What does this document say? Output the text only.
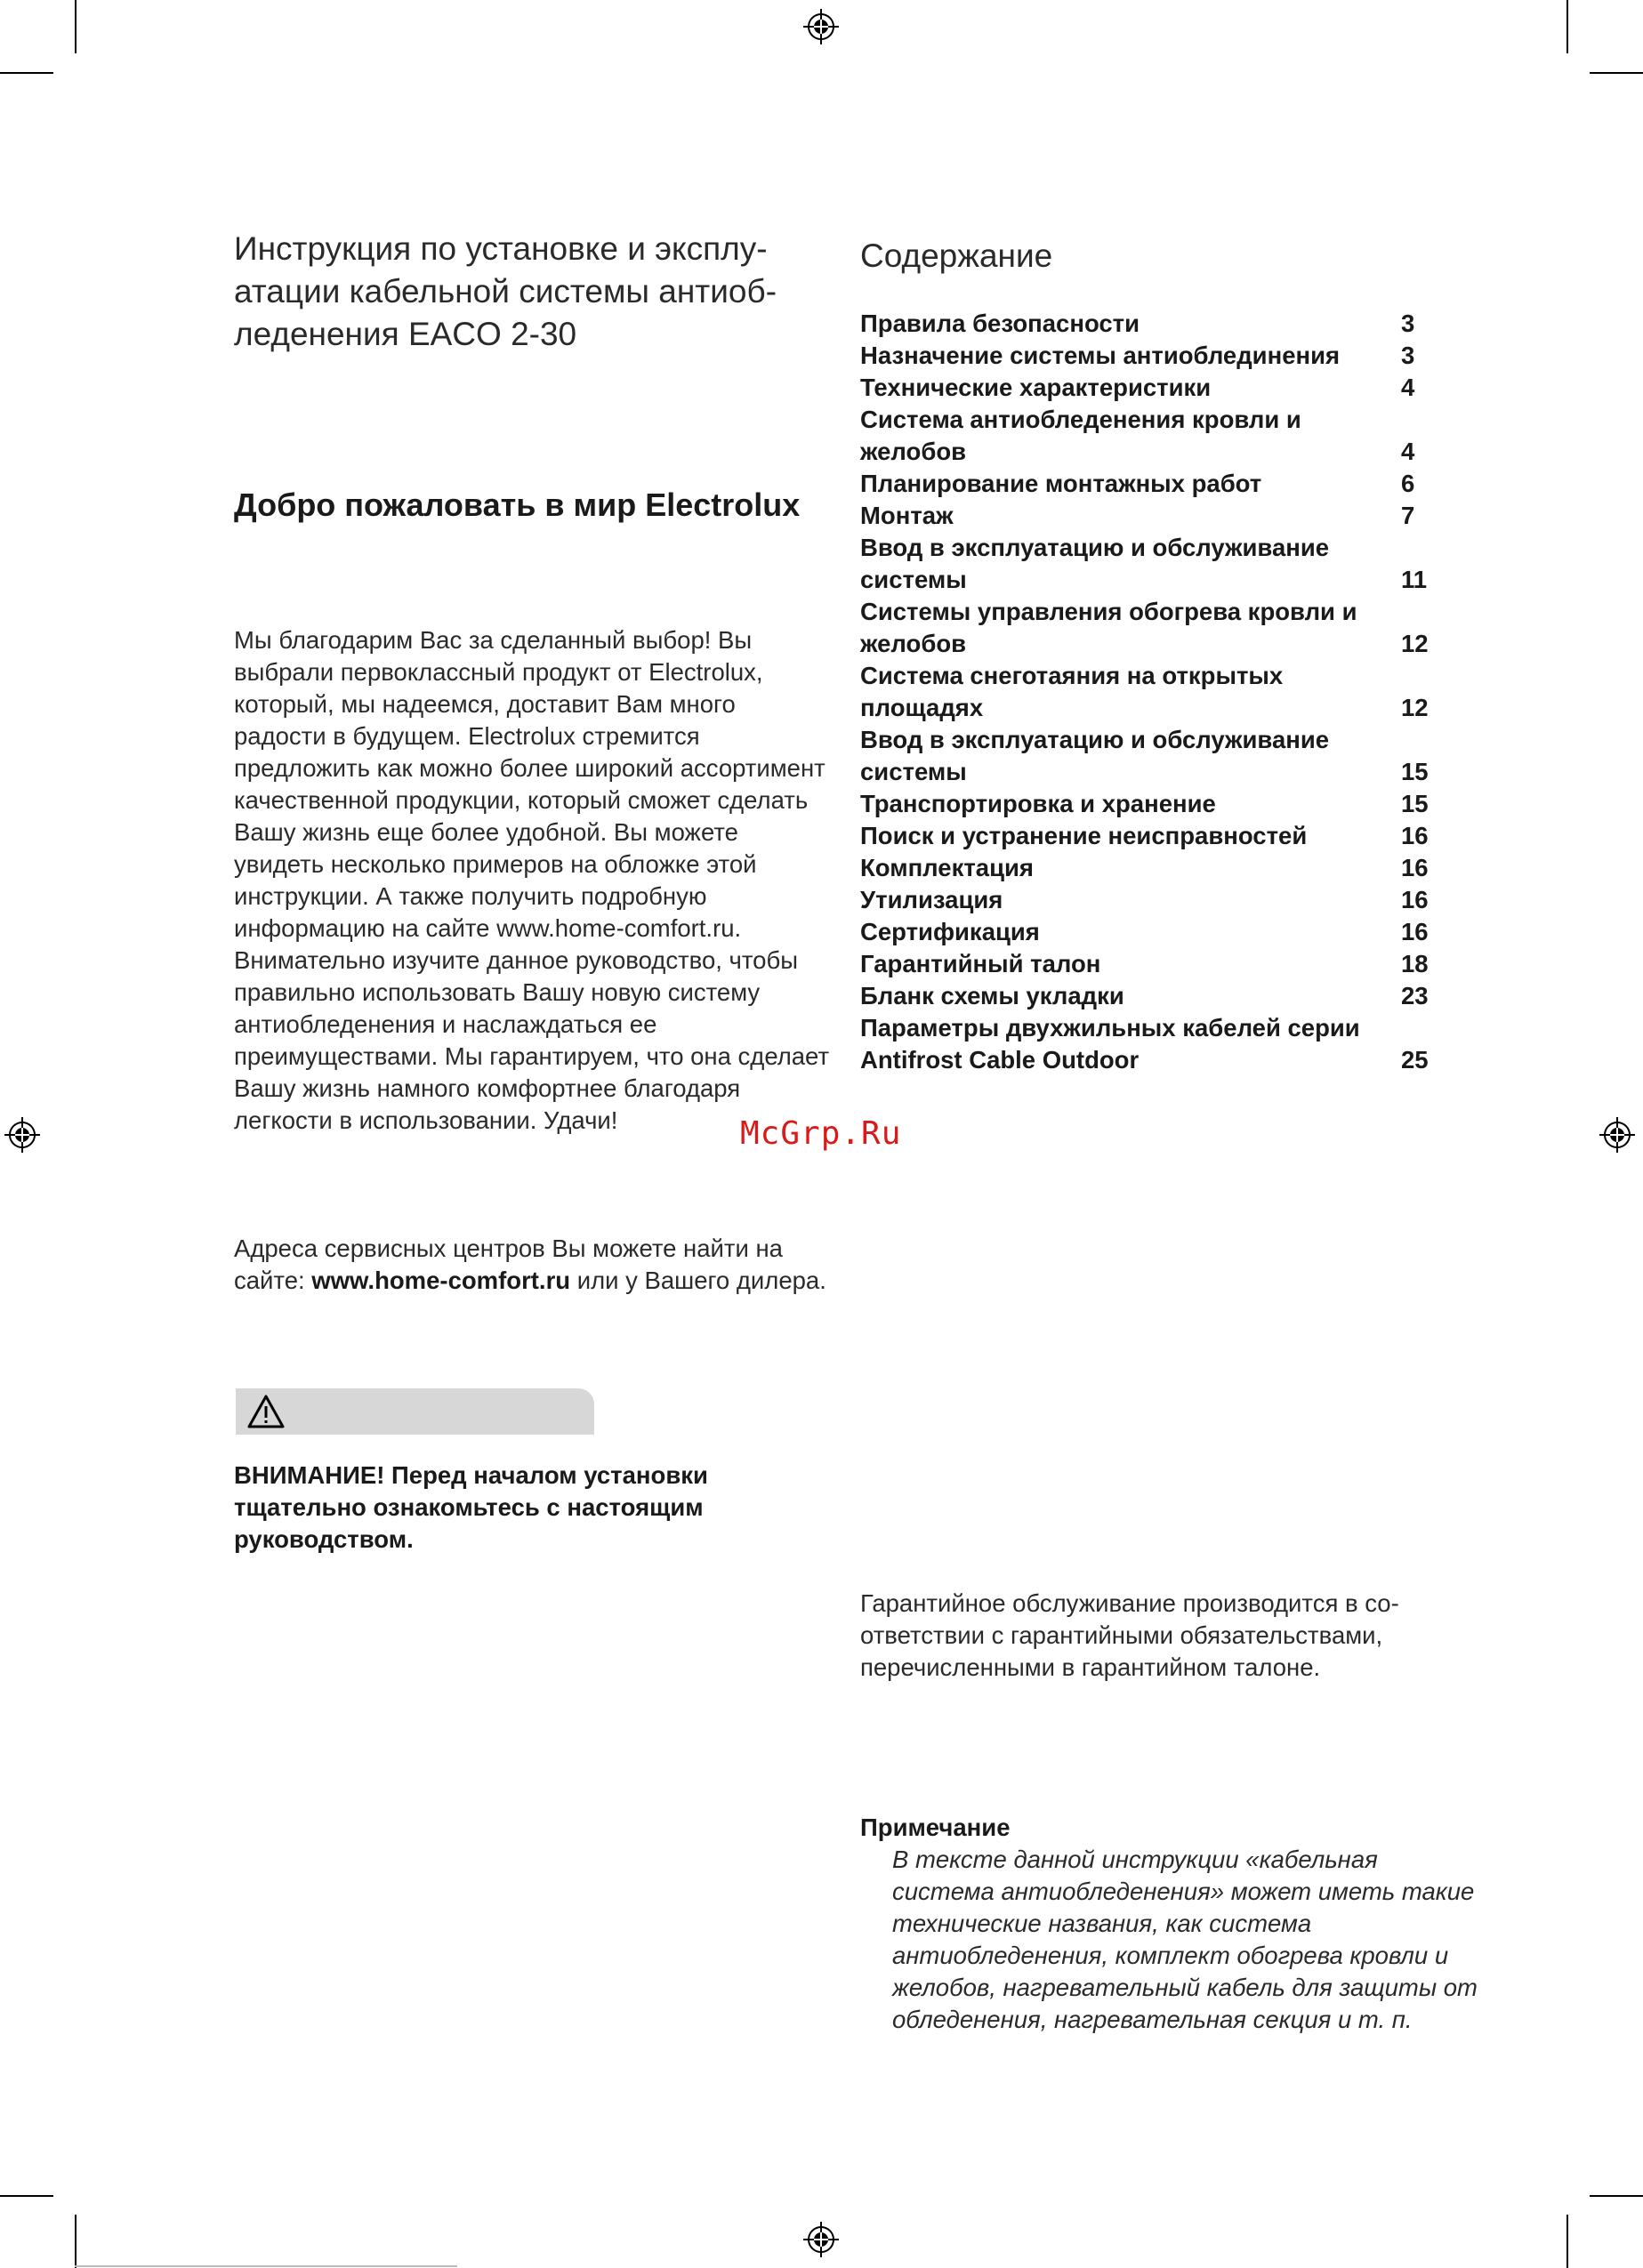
Инструкция по установке и эксплуатации кабельной системы антиобледенения EACO 2-30
Добро пожаловать в мир Electrolux

Мы благодарим Вас за сделанный выбор! Вы выбрали первоклассный продукт от Electrolux, который, мы надеемся, доставит Вам много радости в будущем. Electrolux стремится предложить как можно более широкий ассортимент качественной продукции, который сможет сделать Вашу жизнь еще более удобной. Вы можете увидеть несколько примеров на обложке этой инструкции. А также получить подробную информацию на сайте www.home-comfort.ru. Внимательно изучите данное руководство, чтобы правильно использовать Вашу новую систему антиобледенения и наслаждаться ее преимуществами. Мы гарантируем, что она сделает Вашу жизнь намного комфортнее благодаря легкости в использовании. Удачи!

Адреса сервисных центров Вы можете найти на сайте: www.home-comfort.ru или у Вашего дилера.
ВНИМАНИЕ! Перед началом установки тщательно ознакомьтесь с настоящим руководством.
Содержание
Правила безопасности	3
Назначение системы антиоблединения	3
Технические характеристики	4
Система антиобледенения кровли и желобов	4
Планирование монтажных работ	6
Монтаж	7
Ввод в эксплуатацию и обслуживание системы	11
Системы управления обогрева кровли и желобов	12
Система снеготаяния на открытых площадях	12
Ввод в эксплуатацию и обслуживание системы	15
Транспортировка и хранение	15
Поиск и устранение неисправностей	16
Комплектация	16
Утилизация	16
Сертификация	16
Гарантийный талон	18
Бланк схемы укладки	23
Параметры двухжильных кабелей серии Antifrost Cable Outdoor	25
Гарантийное обслуживание производится в соответствии с гарантийными обязательствами, перечисленными в гарантийном талоне.
Примечание
В тексте данной инструкции «кабельная система антиобледенения» может иметь такие технические названия, как система антиобледенения, комплект обогрева кровли и желобов, нагревательный кабель для защиты от обледенения, нагревательная секция и т. п.
McGrp.Ru
